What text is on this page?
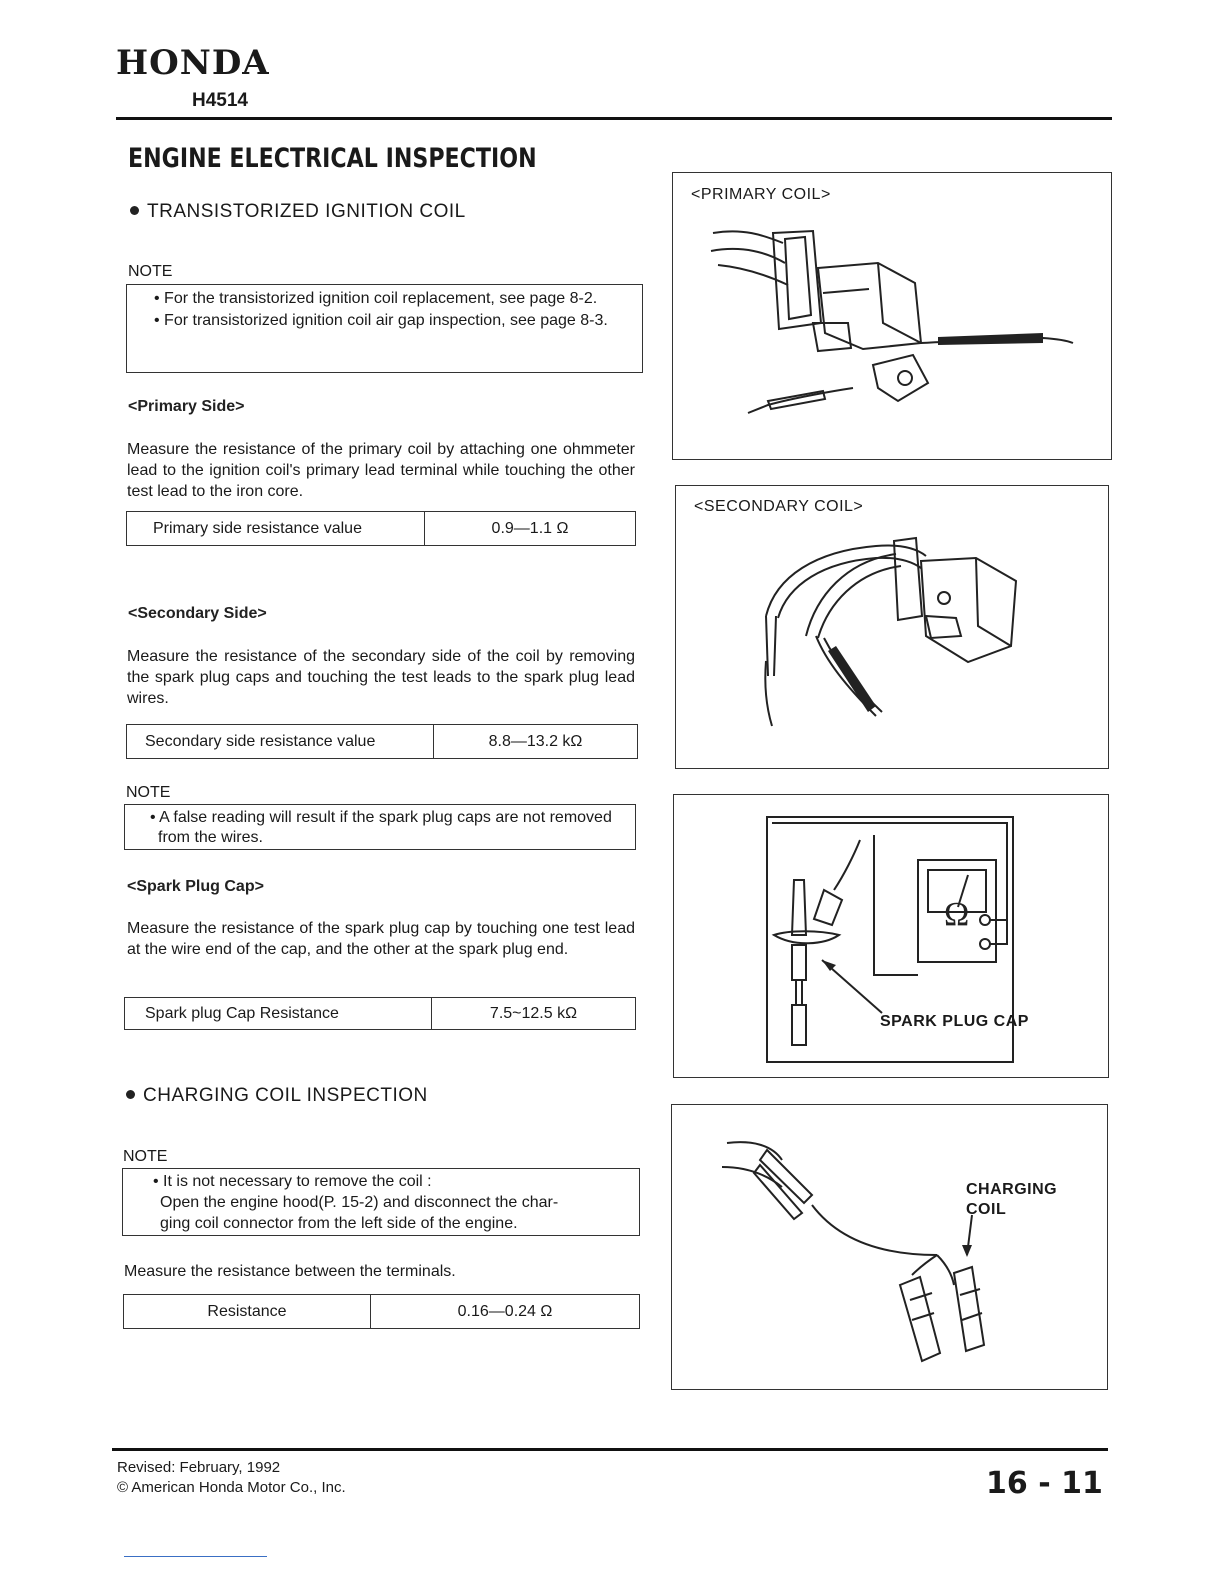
HONDA
H4514
ENGINE ELECTRICAL INSPECTION
TRANSISTORIZED IGNITION COIL
NOTE
• For the transistorized ignition coil replacement, see page 8-2.
• For transistorized ignition coil air gap inspection, see page 8-3.
<Primary Side>
Measure the resistance of the primary coil by attaching one ohmmeter lead to the ignition coil's primary lead terminal while touching the other test lead to the iron core.
Primary side resistance value	0.9—1.1 Ω
<Secondary Side>
Measure the resistance of the secondary side of the coil by removing the spark plug caps and touching the test leads to the spark plug lead wires.
Secondary side resistance value	8.8—13.2 kΩ
NOTE
• A false reading will result if the spark plug caps are not removed from the wires.
<Spark Plug Cap>
Measure the resistance of the spark plug cap by touching one test lead at the wire end of the cap, and the other at the spark plug end.
Spark plug Cap Resistance	7.5~12.5 kΩ
CHARGING COIL INSPECTION
NOTE
• It is not necessary to remove the coil :
Open the engine hood(P. 15-2) and disconnect the char-
ging coil connector from the left side of the engine.
Measure the resistance between the terminals.
Resistance	0.16—0.24 Ω
<PRIMARY COIL>
<SECONDARY COIL>
Ω
SPARK PLUG CAP
CHARGING
COIL
Revised: February, 1992
© American Honda Motor Co., Inc.	16 - 11
